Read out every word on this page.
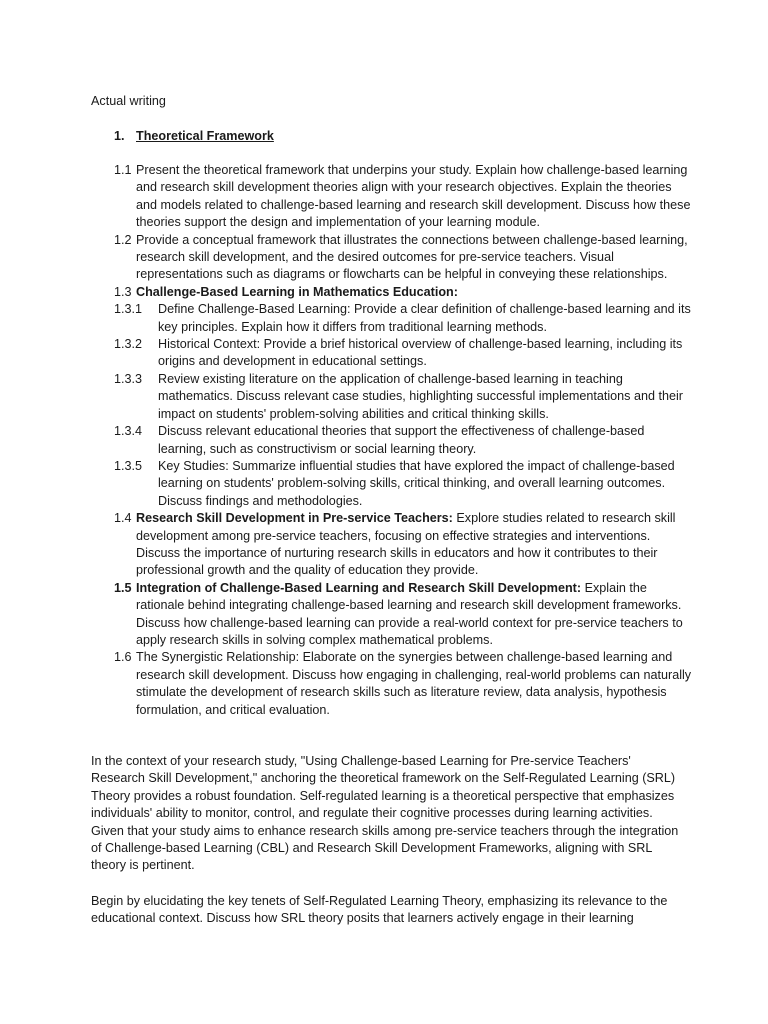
Actual writing
1. Theoretical Framework
1.1 Present the theoretical framework that underpins your study. Explain how challenge-based learning and research skill development theories align with your research objectives. Explain the theories and models related to challenge-based learning and research skill development. Discuss how these theories support the design and implementation of your learning module.
1.2 Provide a conceptual framework that illustrates the connections between challenge-based learning, research skill development, and the desired outcomes for pre-service teachers. Visual representations such as diagrams or flowcharts can be helpful in conveying these relationships.
1.3 Challenge-Based Learning in Mathematics Education:
1.3.1 Define Challenge-Based Learning: Provide a clear definition of challenge-based learning and its key principles. Explain how it differs from traditional learning methods.
1.3.2 Historical Context: Provide a brief historical overview of challenge-based learning, including its origins and development in educational settings.
1.3.3 Review existing literature on the application of challenge-based learning in teaching mathematics. Discuss relevant case studies, highlighting successful implementations and their impact on students' problem-solving abilities and critical thinking skills.
1.3.4 Discuss relevant educational theories that support the effectiveness of challenge-based learning, such as constructivism or social learning theory.
1.3.5 Key Studies: Summarize influential studies that have explored the impact of challenge-based learning on students' problem-solving skills, critical thinking, and overall learning outcomes. Discuss findings and methodologies.
1.4 Research Skill Development in Pre-service Teachers: Explore studies related to research skill development among pre-service teachers, focusing on effective strategies and interventions. Discuss the importance of nurturing research skills in educators and how it contributes to their professional growth and the quality of education they provide.
1.5 Integration of Challenge-Based Learning and Research Skill Development: Explain the rationale behind integrating challenge-based learning and research skill development frameworks. Discuss how challenge-based learning can provide a real-world context for pre-service teachers to apply research skills in solving complex mathematical problems.
1.6 The Synergistic Relationship: Elaborate on the synergies between challenge-based learning and research skill development. Discuss how engaging in challenging, real-world problems can naturally stimulate the development of research skills such as literature review, data analysis, hypothesis formulation, and critical evaluation.
In the context of your research study, "Using Challenge-based Learning for Pre-service Teachers' Research Skill Development," anchoring the theoretical framework on the Self-Regulated Learning (SRL) Theory provides a robust foundation. Self-regulated learning is a theoretical perspective that emphasizes individuals' ability to monitor, control, and regulate their cognitive processes during learning activities. Given that your study aims to enhance research skills among pre-service teachers through the integration of Challenge-based Learning (CBL) and Research Skill Development Frameworks, aligning with SRL theory is pertinent.
Begin by elucidating the key tenets of Self-Regulated Learning Theory, emphasizing its relevance to the educational context. Discuss how SRL theory posits that learners actively engage in their learning
